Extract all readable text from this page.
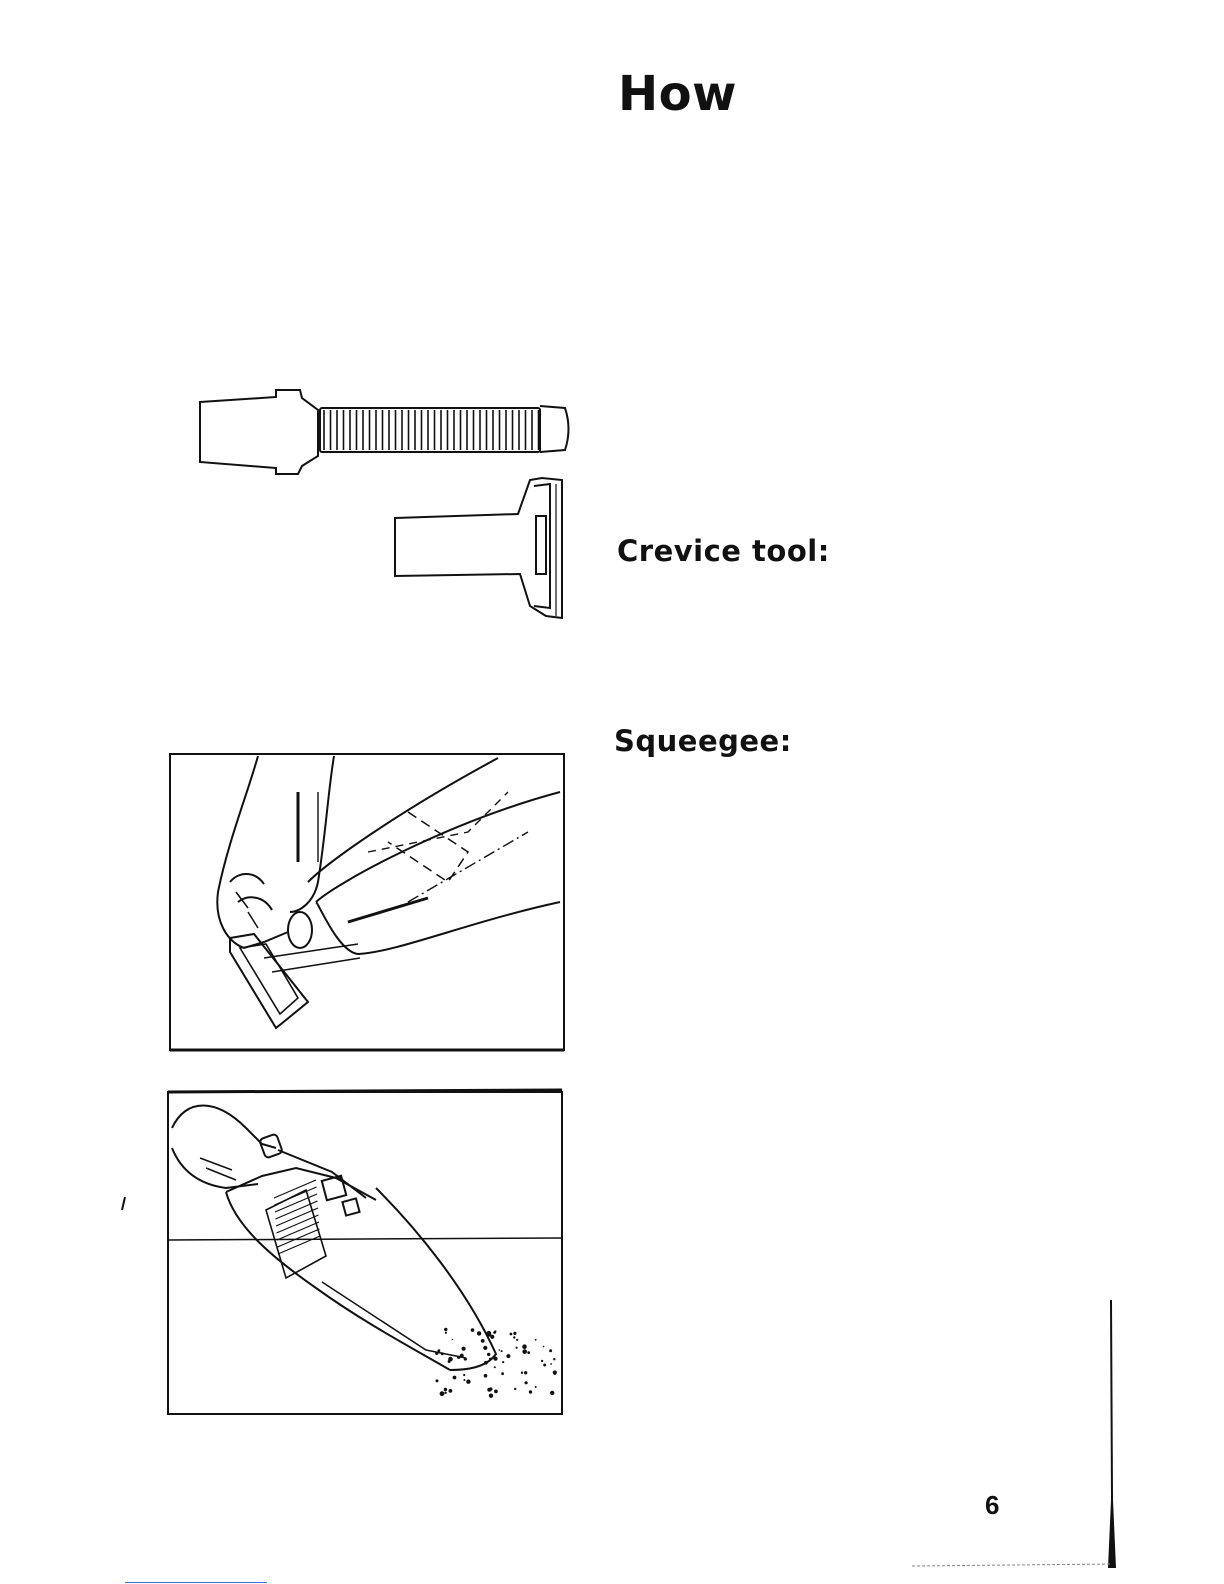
How
Crevice tool:
Squeegee:
6
